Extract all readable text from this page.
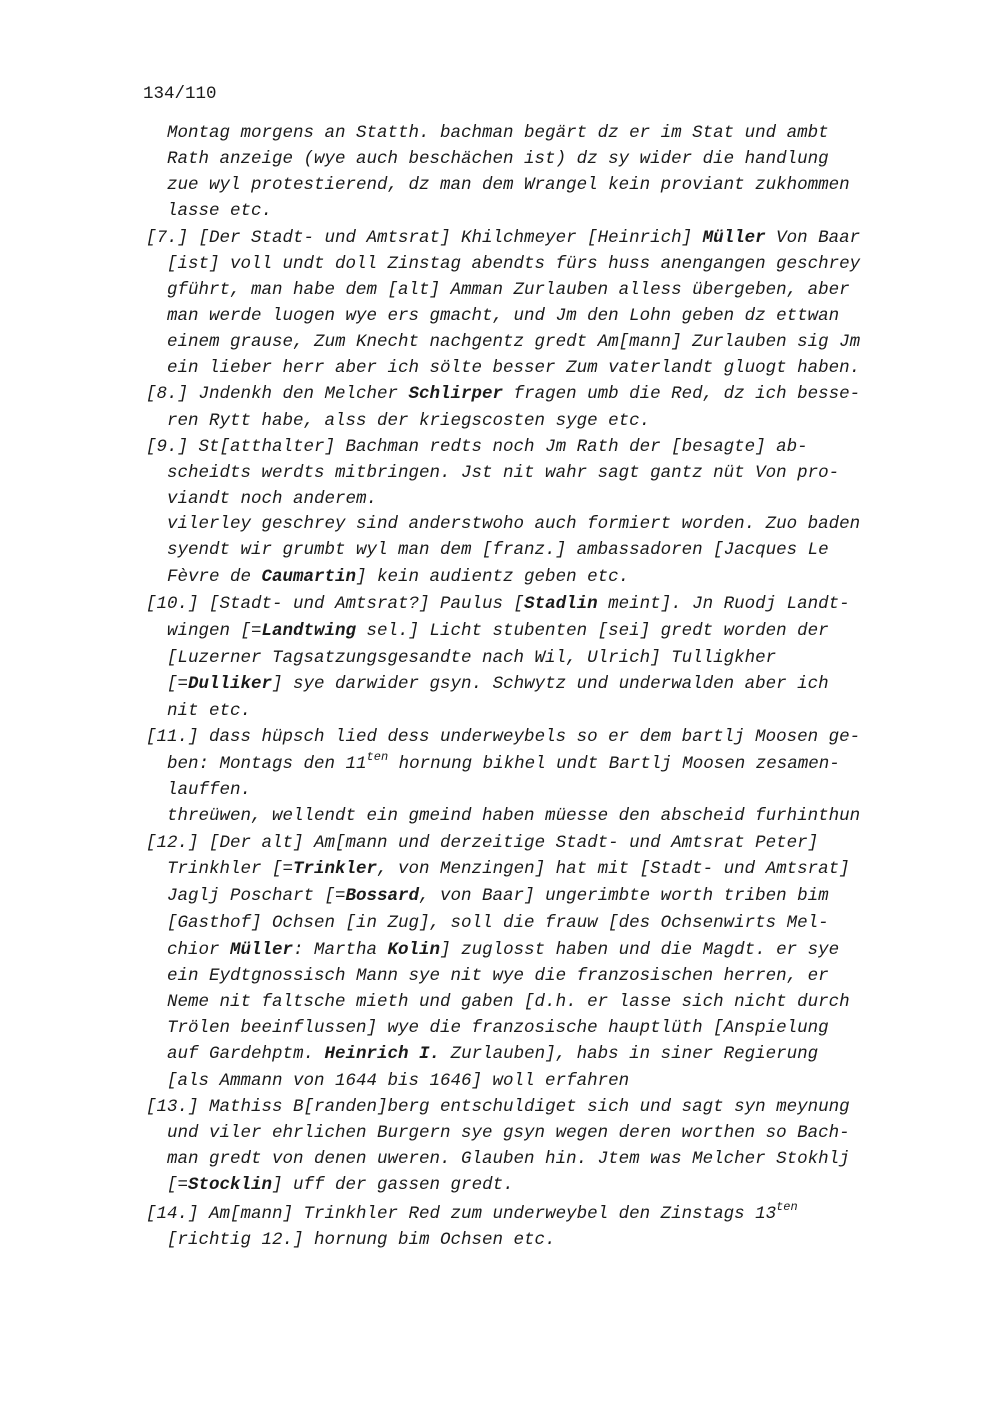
134/110
Montag morgens an Statth. bachman begärt dz er im Stat und ambt
Rath anzeige (wye auch beschächen ist) dz sy wider die handlung
zue wyl protestierend, dz man dem Wrangel kein proviant zukhommen
lasse etc.
[7.] [Der Stadt- und Amtsrat] Khilchmeyer [Heinrich] Müller Von Baar
[ist] voll undt doll Zinstag abendts fürs huss anengangen geschrey
gführt, man habe dem [alt] Amman Zurlauben alless übergeben, aber
man werde luogen wye ers gmacht, und Jm den Lohn geben dz ettwan
einem grause, Zum Knecht nachgentz gredt Am[mann] Zurlauben sig Jm
ein lieber herr aber ich sölte besser Zum vaterlandt gluogt haben.
[8.] Jndenkh den Melcher Schlirper fragen umb die Red, dz ich besse-
ren Rytt habe, alss der kriegscosten syge etc.
[9.] St[atthalter] Bachman redts noch Jm Rath der [besagte] ab-
scheidts werdts mitbringen. Jst nit wahr sagt gantz nüt Von pro-
viandt noch anderem.
vilerley geschrey sind anderstwoho auch formiert worden. Zuo baden
syendt wir grumbt wyl man dem [franz.] ambassadoren [Jacques Le
Fèvre de Caumartin] kein audientz geben etc.
[10.] [Stadt- und Amtsrat?] Paulus [Stadlin meint]. Jn Ruodj Landt-
wingen [=Landtwing sel.] Licht stubenten [sei] gredt worden der
[Luzerner Tagsatzungsgesandte nach Wil, Ulrich] Tulligkher
[=Dulliker] sye darwider gsyn. Schwytz und underwalden aber ich
nit etc.
[11.] dass hüpsch lied dess underweybels so er dem bartlj Moosen ge-
ben: Montags den $11^{ten}$ hornung bikhel undt Bartlj Moosen zesamen-
lauffen.
threüwen, wellendt ein gmeind haben müesse den abscheid furhinthun
[12.] [Der alt] Am[mann und derzeitige Stadt- und Amtsrat Peter]
Trinkhler [=Trinkler, von Menzingen] hat mit [Stadt- und Amtsrat]
Jaglj Poschart [=Bossard, von Baar] ungerimbte worth triben bim
[Gasthof] Ochsen [in Zug], soll die frauw [des Ochsenwirts Mel-
chior Müller: Martha Kolin] zuglosst haben und die Magdt. er sye
ein Eydtgnossisch Mann sye nit wye die franzosischen herren, er
Neme nit faltsche mieth und gaben [d.h. er lasse sich nicht durch
Trölen beeinflussen] wye die franzosische hauptlüth [Anspielung
auf Gardehptm. Heinrich I. Zurlauben], habs in siner Regierung
[als Ammann von 1644 bis 1646] woll erfahren
[13.] Mathiss B[randen]berg entschuldiget sich und sagt syn meynung
und viler ehrlichen Burgern sye gsyn wegen deren worthen so Bach-
man gredt von denen uweren. Glauben hin. Jtem was Melcher Stokhlj
[=Stocklin] uff der gassen gredt.
[14.] Am[mann] Trinkhler Red zum underweybel den Zinstags $13^{ten}$
[richtig 12.] hornung bim Ochsen etc.
